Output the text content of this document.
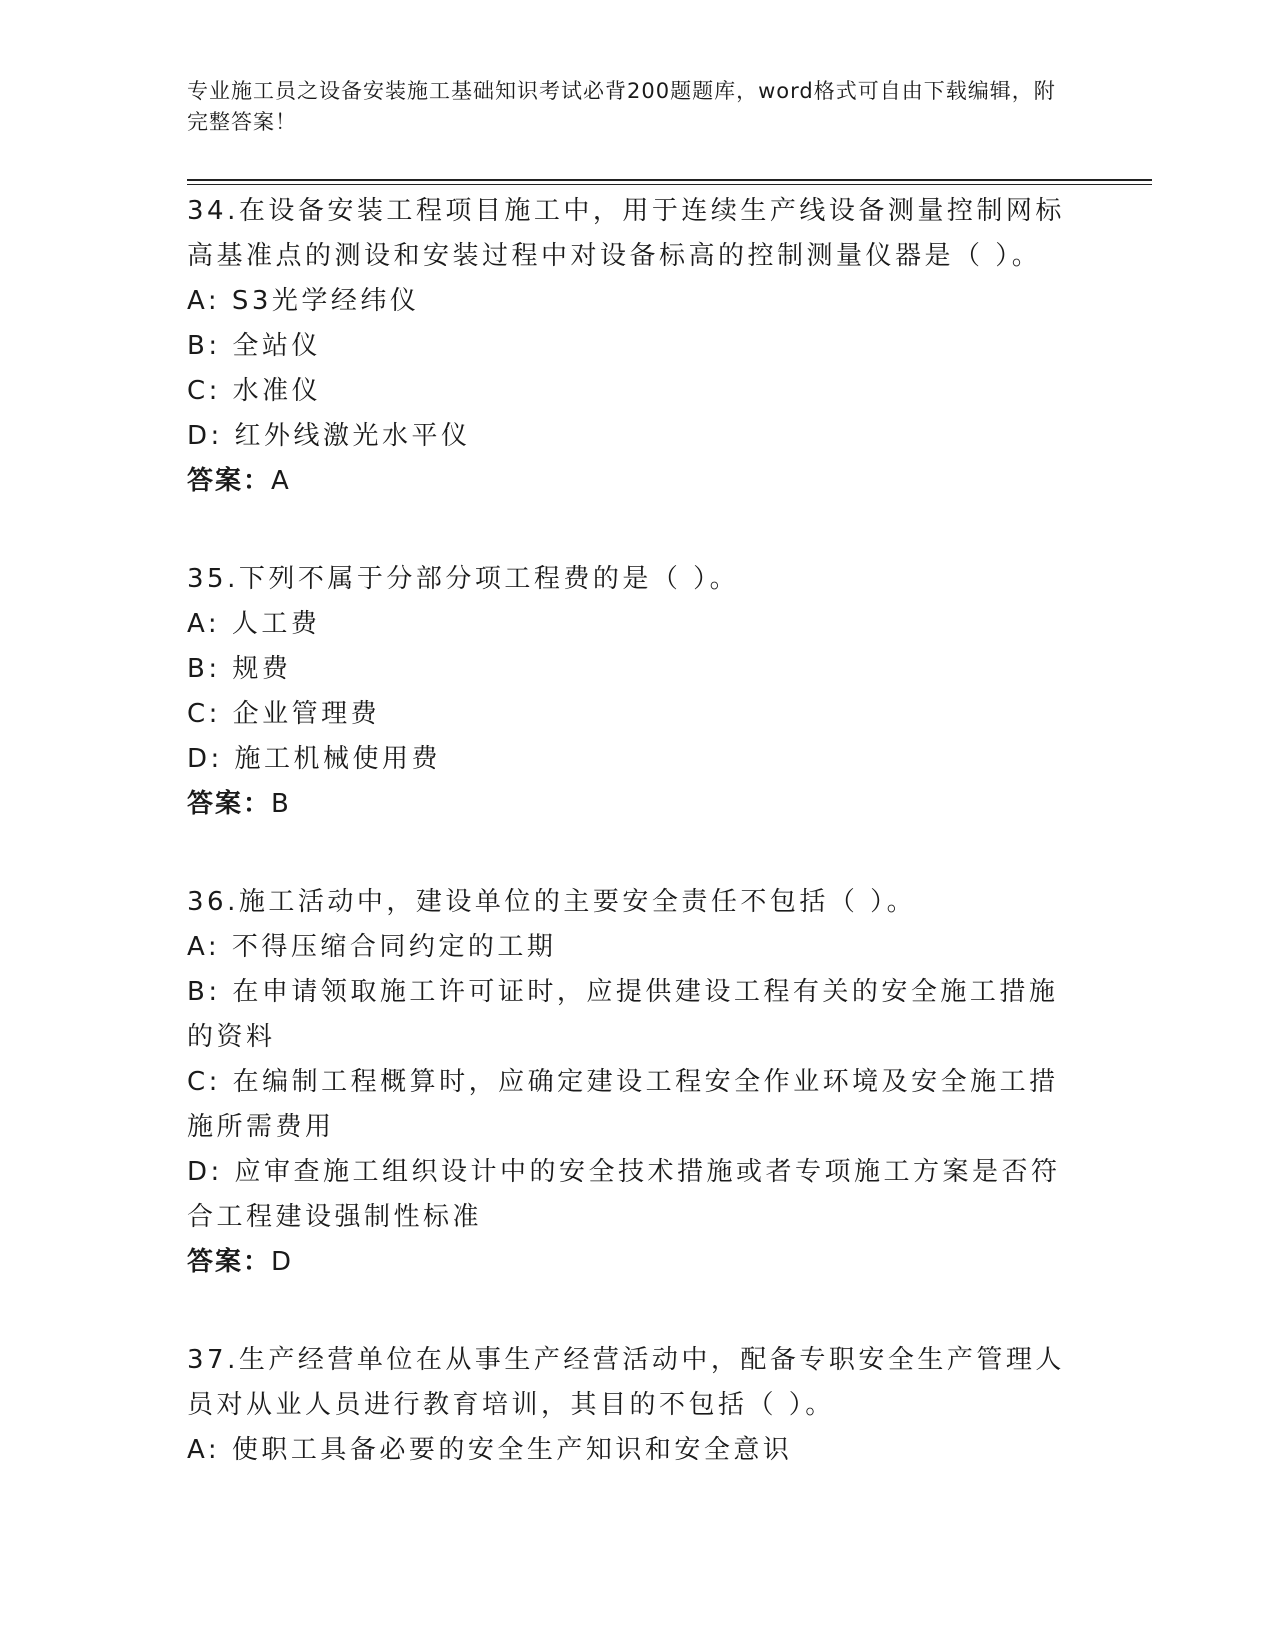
专业施工员之设备安装施工基础知识考试必背200题题库，word格式可自由下载编辑，附完整答案！

34.在设备安装工程项目施工中，用于连续生产线设备测量控制网标高基准点的测设和安装过程中对设备标高的控制测量仪器是（ ）。

A: S3光学经纬仪

B: 全站仪

C: 水准仪

D: 红外线激光水平仪

答案：A

35.下列不属于分部分项工程费的是（ ）。

A: 人工费

B: 规费

C: 企业管理费

D: 施工机械使用费

答案：B

36.施工活动中，建设单位的主要安全责任不包括（ ）。

A: 不得压缩合同约定的工期

B: 在申请领取施工许可证时，应提供建设工程有关的安全施工措施的资料

C: 在编制工程概算时，应确定建设工程安全作业环境及安全施工措施所需费用

D: 应审查施工组织设计中的安全技术措施或者专项施工方案是否符合工程建设强制性标准

答案：D

37.生产经营单位在从事生产经营活动中，配备专职安全生产管理人员对从业人员进行教育培训，其目的不包括（ ）。

A: 使职工具备必要的安全生产知识和安全意识
